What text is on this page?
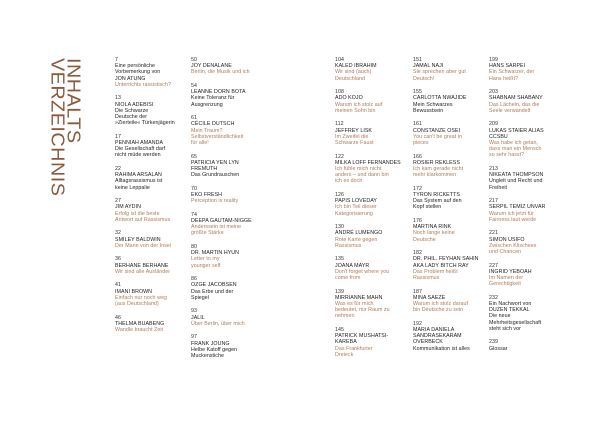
INHALTS
VERZEICHNIS	7
Eine persönliche
Vorbemerkung von
JON ATUNG
Unterrichts rassistisch?
13
NIOLA ADEBISI
Die Schwarze
Deutsche der
»Zierteile« Türkenjägerin
17
PENNIAH AMANDA
Die Gesellschaft darf
nicht müde werden
22
RAHIMA ARSALAN
Alltagsrassismus ist
keine Leppalie
27
JIM AYDIN
Erfolg ist die beste
Antwort auf Rassismus
32
SMILEY BALDWIN
Der Mann von der Insel
36
BERHANE BERHANE
Wir sind alle Ausländer
41
IMANI BROWN
Einfach nur noch weg
(aus Deutschland)
46
THELMA BUABENG
Wandle braucht Zeit
50
JOY DENALANE
Berlin, die Musik und ich
54
LEANNE DORN BOTA
Keine Toleranz für
Ausgrenzung
61
CÉCILE DUTSCH
Mein Traum?
Selbstverständlichkeit
für alle!
65
PATRICIA YEN LYN
FREMUTH
Das Grundrauschen
70
EKO FRESH
Perception is reality
74
DEEPA GAUTAM-NIGGE
Anderssein ist meine
größte Stärke
80
DR. MARTIN HYUN
Letter to my
younger self
86
OZGE JACOBSEN
Das Erbe und der
Spiegel
93
JALIL
Über Berlin, über mich
97
FRANK JOUNG
Helbe Katoff gegen
Muckenstiche
104
KALED IBRAHIM
Wir sind (auch)
Deutschland
108
ADO KOJO
Warum ich stolz auf
meinen Sohn bin
112
JEFFREY LISK
Im Zweifel die
Schwarze Faust
122
MILKA LOFF FERNANDES
Ich fühle mich nicht
anders – und dann bin
ich es doch
126
PAPIS LOVEDAY
Ich bin Teil dieser
Kategorisierung
130
ANDRÉ LUMENGO
Rote Karte gegen
Rassismus
135
JOANA MAYR
Don't forget where you
come from
139
MIRRIANNE MAHN
Was es für mich
bedeutet, mir Raum zu
nehmen
145
PATRICK MUSHATSI-
KAREBA
Das Frankfurter
Dreieck
151
JAMAL NAJI
Sie sprechen aber gut
Deutsch!
155
CARLOTTA NWAJIDE
Mein Schwarzes
Bewusstsein
161
CONSTANZE OSEI
You can't be great in
pieces
166
ROSIER REKLESS
Ich kam gerade nicht
mehr klarkommen
172
TYRON RICKETTS
Das System auf den
Kopf stellen
176
MARTINA RINK
Noch lange keine
Deutsche
182
DR. PHIL. FEYHAN SAHIN
AKA LADY BITCH RAY
Das Problem heißt
Rassismus
187
MINA SAEZE
Warum ich stolz darauf
bin Deutsche zu sein
192
MARIA DANIELA
SANDRASEKARAM
OVERBECK
Kommunikation ist alles
199
HANS SARPEI
Ein Schwarzer, der
Hans heißt?
203
SHABNAM SHABANY
Das Lächeln, das die
Seele verwandelt
209
LUKAS STAIER ALIAS
CCSBU
Was habe ich getan,
dass man ein Mensch
so sehr hasst?
213
NIKEATA THOMPSON
Ungleit und Recht und
Freiheit
217
SERPIL TEMIZ UNVAR
Warum ich jetzt für
Fairness laut werde
221
SIMON USIFO
Zwischen Klischees
und Chancen
227
INGRID YEBOAH
Im Namen der
Gerechtigkeit
232
Ein Nachwort von
DUZEN TEKKAL
Die neue
Mehrheitsgesellschaft
steht sich vor
239
Glossar
